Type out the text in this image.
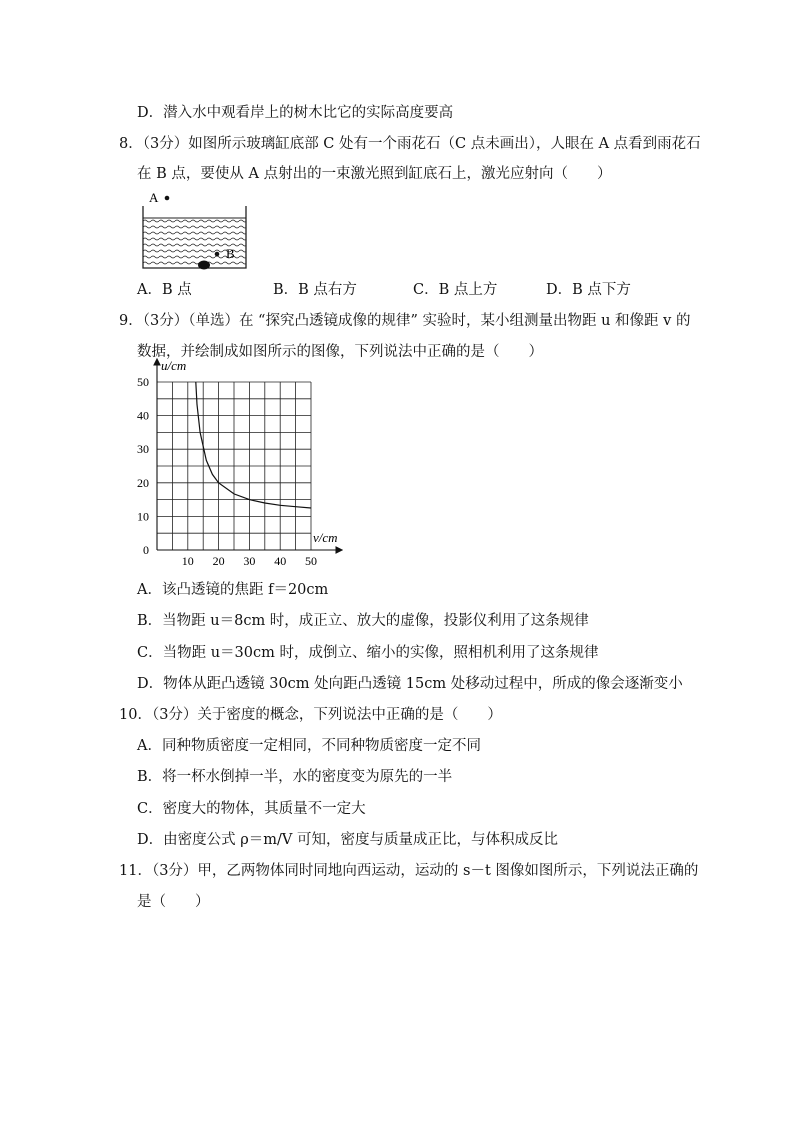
D．潜入水中观看岸上的树木比它的实际高度要高
8．（3分）如图所示玻璃缸底部 C 处有一个雨花石（C 点未画出），人眼在 A 点看到雨花石
在 B 点，要使从 A 点射出的一束激光照到缸底石上，激光应射向（　　）
A
B
A．B 点	B．B 点右方	C．B 点上方	D．B 点下方
9．（3分）（单选）在 “探究凸透镜成像的规律” 实验时，某小组测量出物距 u 和像距 v 的
数据，并绘制成如图所示的图像，下列说法中正确的是（　　）
10 20 30 40 50
0
10
20
30
40
50
v/cm
u/cm
A．该凸透镜的焦距 f＝20cm
B．当物距 u＝8cm 时，成正立、放大的虚像，投影仪利用了这条规律
C．当物距 u＝30cm 时，成倒立、缩小的实像，照相机利用了这条规律
D．物体从距凸透镜 30cm 处向距凸透镜 15cm 处移动过程中，所成的像会逐渐变小
10．（3分）关于密度的概念，下列说法中正确的是（　　）
A．同种物质密度一定相同，不同种物质密度一定不同
B．将一杯水倒掉一半，水的密度变为原先的一半
C．密度大的物体，其质量不一定大
D．由密度公式 ρ＝m/V 可知，密度与质量成正比，与体积成反比
11．（3分）甲，乙两物体同时同地向西运动，运动的 s－t 图像如图所示，下列说法正确的
是（　　）
